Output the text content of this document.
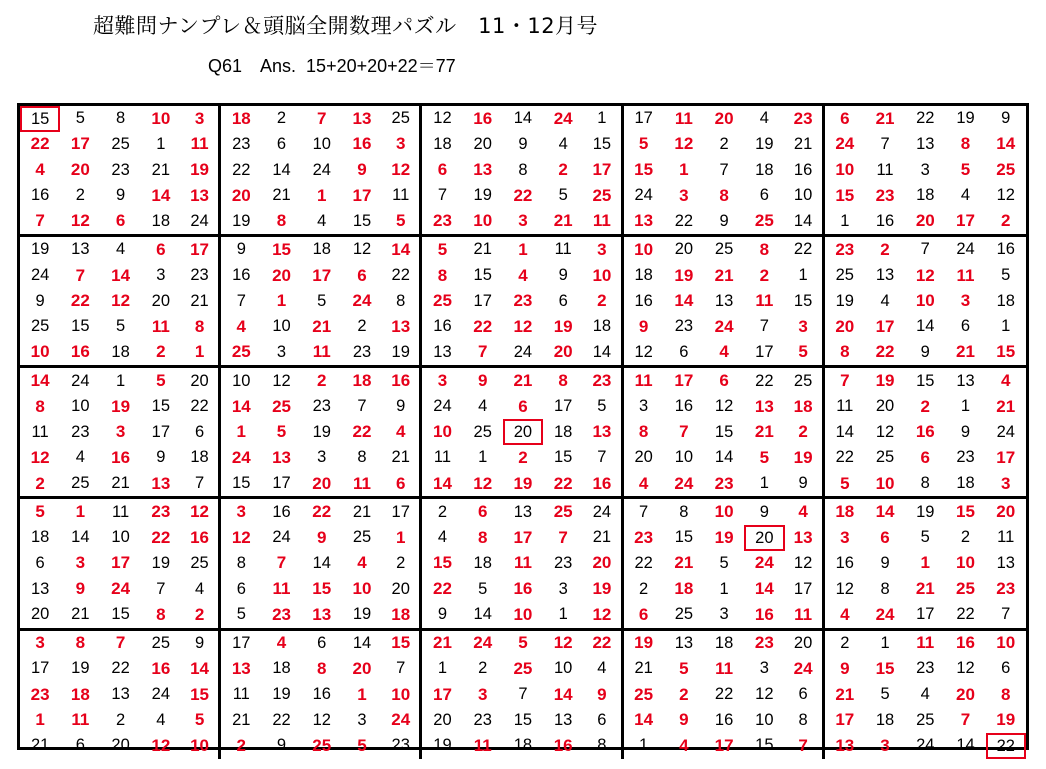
超難問ナンプレ＆頭脳全開数理パズル　11・12月号
Q61　Ans.  15+20+20+22＝77
15	5 8 10 3 18 2 7 13 25 12 16 14 24 1 17 11 20 4 23 6 21 22 19 9
22 17 25 1 11 23 6 10 16 3 18 20 9 4 15 5 12 2 19 21 24 7 13 8 14
4 20 23 21 19 22 14 24 9 12 6 13 8 2 17 15 1 7 18 16 10 11 3 5 25
16 2 9 14 13 20 21 1 17 11 7 19 22 5 25 24 3 8 6 10 15 23 18 4 12
7 12 6 18 24 19 8 4 15 5 23 10 3 21 11 13 22 9 25 14 1 16 20 17 2
19 13 4 6 17 9 15 18 12 14 5 21 1 11 3 10 20 25 8 22 23 2 7 24 16
24 7 14 3 23 16 20 17 6 22 8 15 4 9 10 18 19 21 2 1 25 13 12 11 5
9 22 12 20 21 7 1 5 24 8 25 17 23 6 2 16 14 13 11 15 19 4 10 3 18
25 15 5 11 8 4 10 21 2 13 16 22 12 19 18 9 23 24 7 3 20 17 14 6 1
10 16 18 2 1 25 3 11 23 19 13 7 24 20 14 12 6 4 17 5 8 22 9 21 15
14 24 1 5 20 10 12 2 18 16 3 9 21 8 23 11 17 6 22 25 7 19 15 13 4
8 10 19 15 22 14 25 23 7 9 24 4 6 17 5 3 16 12 13 18 11 20 2 1 21
11 23 3 17 6 1 5 19 22 4 10 25	20	18 13 8 7 15 21 2 14 12 16 9 24
12 4 16 9 18 24 13 3 8 21 11 1 2 15 7 20 10 14 5 19 22 25 6 23 17
2 25 21 13 7 15 17 20 11 6 14 12 19 22 16 4 24 23 1 9 5 10 8 18 3
5 1 11 23 12 3 16 22 21 17 2 6 13 25 24 7 8 10 9 4 18 14 19 15 20
18 14 10 22 16 12 24 9 25 1 4 8 17 7 21 23 15 19	20	13 3 6 5 2 11
6 3 17 19 25 8 7 14 4 2 15 18 11 23 20 22 21 5 24 12 16 9 1 10 13
13 9 24 7 4 6 11 15 10 20 22 5 16 3 19 2 18 1 14 17 12 8 21 25 23
20 21 15 8 2 5 23 13 19 18 9 14 10 1 12 6 25 3 16 11 4 24 17 22 7
3 8 7 25 9 17 4 6 14 15 21 24 5 12 22 19 13 18 23 20 2 1 11 16 10
17 19 22 16 14 13 18 8 20 7 1 2 25 10 4 21 5 11 3 24 9 15 23 12 6
23 18 13 24 15 11 19 16 1 10 17 3 7 14 9 25 2 22 12 6 21 5 4 20 8
1 11 2 4 5 21 22 12 3 24 20 23 15 13 6 14 9 16 10 8 17 18 25 7 19
21 6 20 12 10 2 9 25 5 23 19 11 18 16 8 1 4 17 15 7 13 3 24 14	22
